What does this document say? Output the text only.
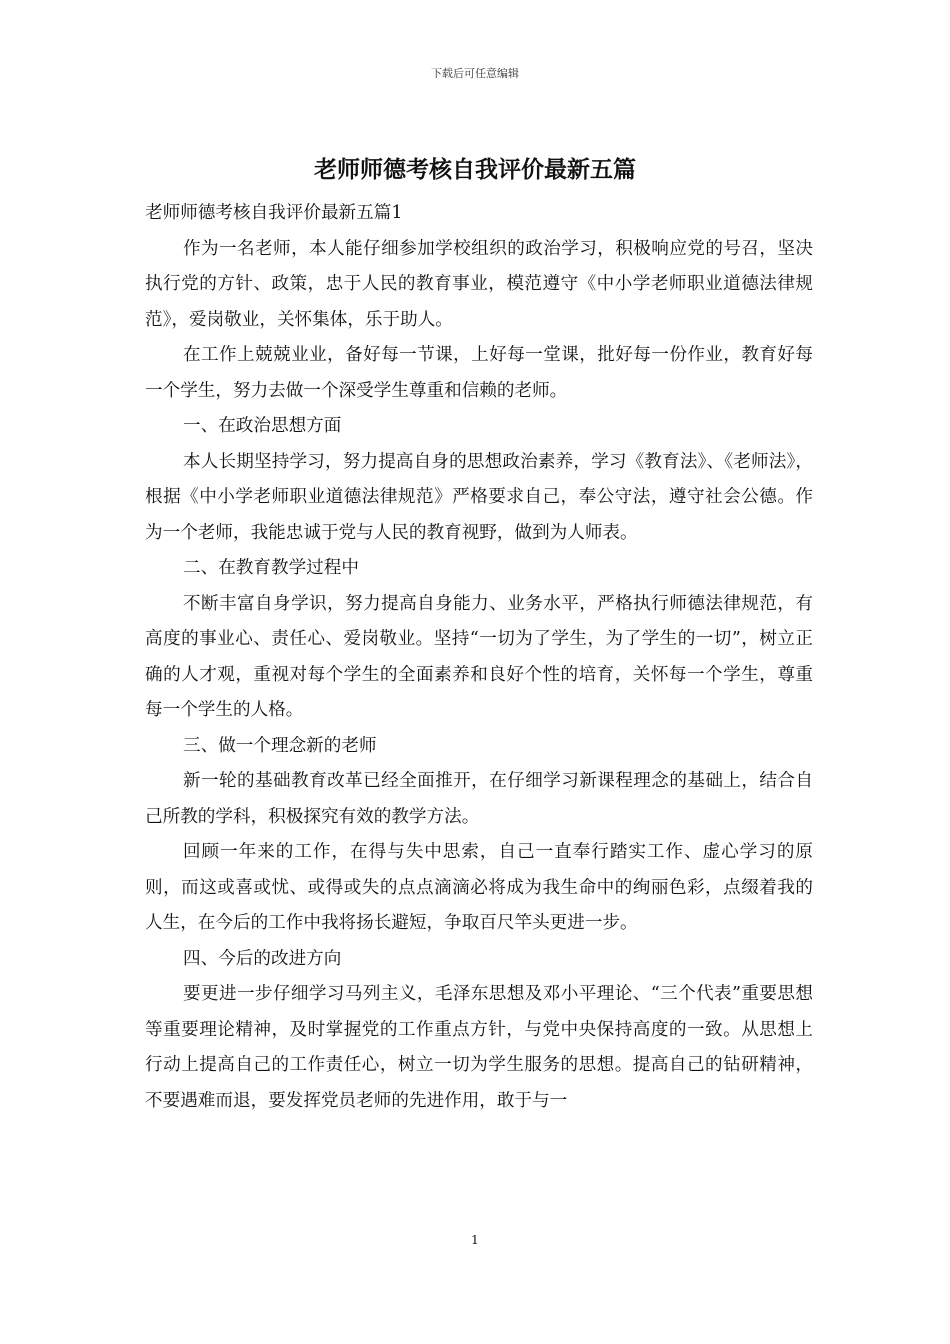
下载后可任意编辑
老师师德考核自我评价最新五篇

老师师德考核自我评价最新五篇1

作为一名老师，本人能仔细参加学校组织的政治学习，积极响应党的号召，坚决执行党的方针、政策，忠于人民的教育事业，模范遵守《中小学老师职业道德法律规范》，爱岗敬业，关怀集体，乐于助人。

在工作上兢兢业业，备好每一节课，上好每一堂课，批好每一份作业，教育好每一个学生，努力去做一个深受学生尊重和信赖的老师。

一、在政治思想方面

本人长期坚持学习，努力提高自身的思想政治素养，学习《教育法》、《老师法》，根据《中小学老师职业道德法律规范》严格要求自己，奉公守法，遵守社会公德。作为一个老师，我能忠诚于党与人民的教育视野，做到为人师表。

二、在教育教学过程中

不断丰富自身学识，努力提高自身能力、业务水平，严格执行师德法律规范，有高度的事业心、责任心、爱岗敬业。坚持“一切为了学生，为了学生的一切”，树立正确的人才观，重视对每个学生的全面素养和良好个性的培育，关怀每一个学生，尊重每一个学生的人格。

三、做一个理念新的老师

新一轮的基础教育改革已经全面推开，在仔细学习新课程理念的基础上，结合自己所教的学科，积极探究有效的教学方法。

回顾一年来的工作，在得与失中思索，自己一直奉行踏实工作、虚心学习的原则，而这或喜或忧、或得或失的点点滴滴必将成为我生命中的绚丽色彩，点缀着我的人生，在今后的工作中我将扬长避短，争取百尺竿头更进一步。

四、今后的改进方向

要更进一步仔细学习马列主义，毛泽东思想及邓小平理论、“三个代表”重要思想等重要理论精神，及时掌握党的工作重点方针，与党中央保持高度的一致。从思想上行动上提高自己的工作责任心，树立一切为学生服务的思想。提高自己的钻研精神，不要遇难而退，要发挥党员老师的先进作用，敢于与一

1
